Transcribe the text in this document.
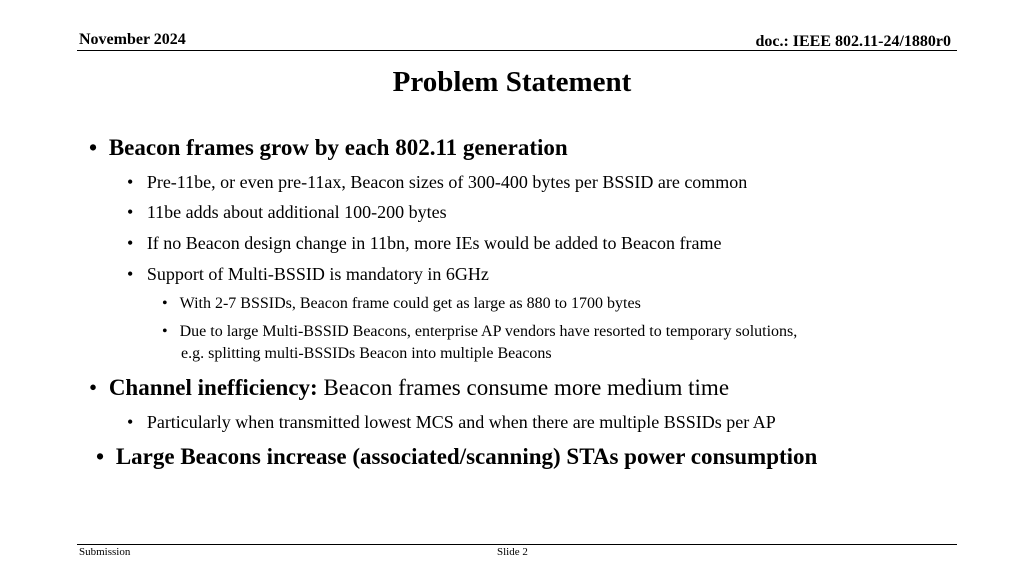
November 2024	doc.: IEEE 802.11-24/1880r0
Problem Statement
• Beacon frames grow by each 802.11 generation
• Pre-11be, or even pre-11ax, Beacon sizes of 300-400 bytes per BSSID are common
• 11be adds about additional 100-200 bytes
• If no Beacon design change in 11bn, more IEs would be added to Beacon frame
• Support of Multi-BSSID is mandatory in 6GHz
• With 2-7 BSSIDs, Beacon frame could get as large as 880 to 1700 bytes
• Due to large Multi-BSSID Beacons, enterprise AP vendors have resorted to temporary solutions,
e.g. splitting multi-BSSIDs Beacon into multiple Beacons
• Channel inefficiency: Beacon frames consume more medium time
• Particularly when transmitted lowest MCS and when there are multiple BSSIDs per AP
• Large Beacons increase (associated/scanning) STAs power consumption
Submission	Slide 2
